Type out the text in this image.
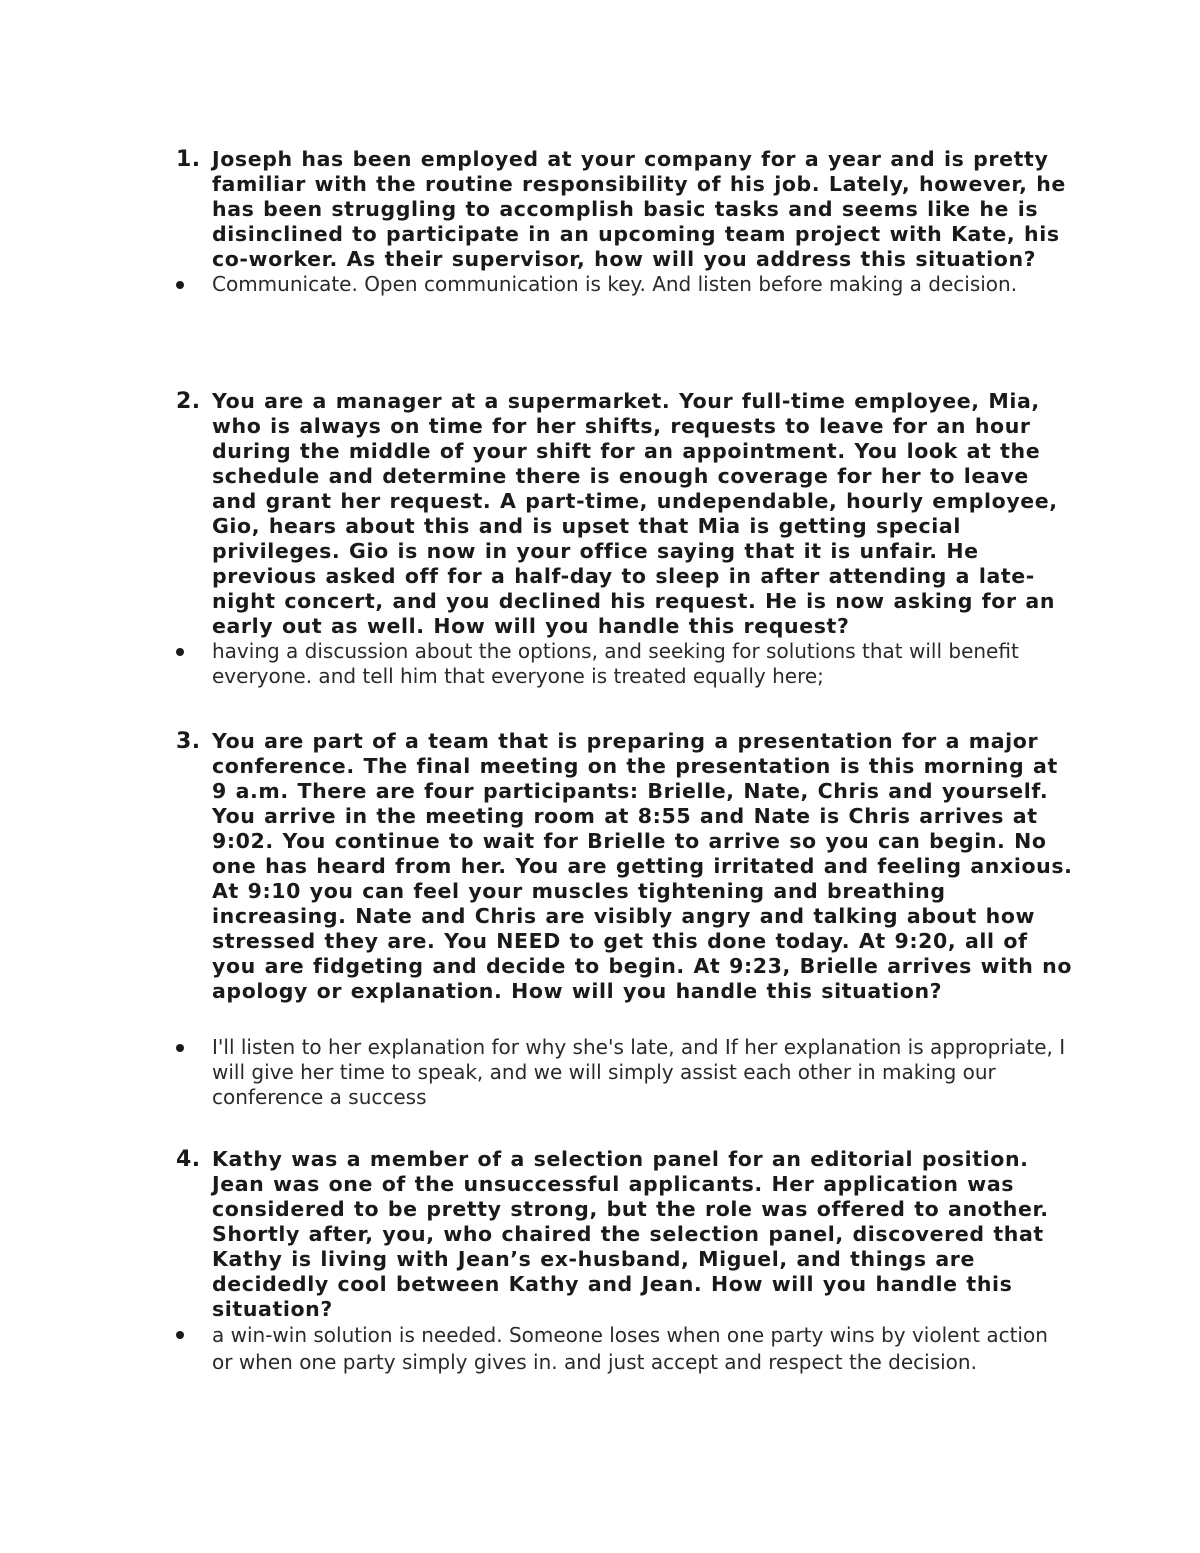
1. Joseph has been employed at your company for a year and is pretty familiar with the routine responsibility of his job. Lately, however, he has been struggling to accomplish basic tasks and seems like he is disinclined to participate in an upcoming team project with Kate, his co-worker. As their supervisor, how will you address this situation?
Communicate. Open communication is key. And listen before making a decision.
2. You are a manager at a supermarket. Your full-time employee, Mia, who is always on time for her shifts, requests to leave for an hour during the middle of your shift for an appointment. You look at the schedule and determine there is enough coverage for her to leave and grant her request. A part-time, undependable, hourly employee, Gio, hears about this and is upset that Mia is getting special privileges. Gio is now in your office saying that it is unfair. He previous asked off for a half-day to sleep in after attending a late-night concert, and you declined his request. He is now asking for an early out as well. How will you handle this request?
having a discussion about the options, and seeking for solutions that will benefit everyone. and tell him that everyone is treated equally here;
3. You are part of a team that is preparing a presentation for a major conference. The final meeting on the presentation is this morning at 9 a.m. There are four participants: Brielle, Nate, Chris and yourself. You arrive in the meeting room at 8:55 and Nate is Chris arrives at 9:02. You continue to wait for Brielle to arrive so you can begin. No one has heard from her. You are getting irritated and feeling anxious. At 9:10 you can feel your muscles tightening and breathing increasing. Nate and Chris are visibly angry and talking about how stressed they are. You NEED to get this done today. At 9:20, all of you are fidgeting and decide to begin. At 9:23, Brielle arrives with no apology or explanation. How will you handle this situation?
I'll listen to her explanation for why she's late, and If her explanation is appropriate, I will give her time to speak, and we will simply assist each other in making our conference a success
4. Kathy was a member of a selection panel for an editorial position. Jean was one of the unsuccessful applicants. Her application was considered to be pretty strong, but the role was offered to another. Shortly after, you, who chaired the selection panel, discovered that Kathy is living with Jean’s ex-husband, Miguel, and things are decidedly cool between Kathy and Jean. How will you handle this situation?
a win-win solution is needed. Someone loses when one party wins by violent action or when one party simply gives in. and just accept and respect the decision.
